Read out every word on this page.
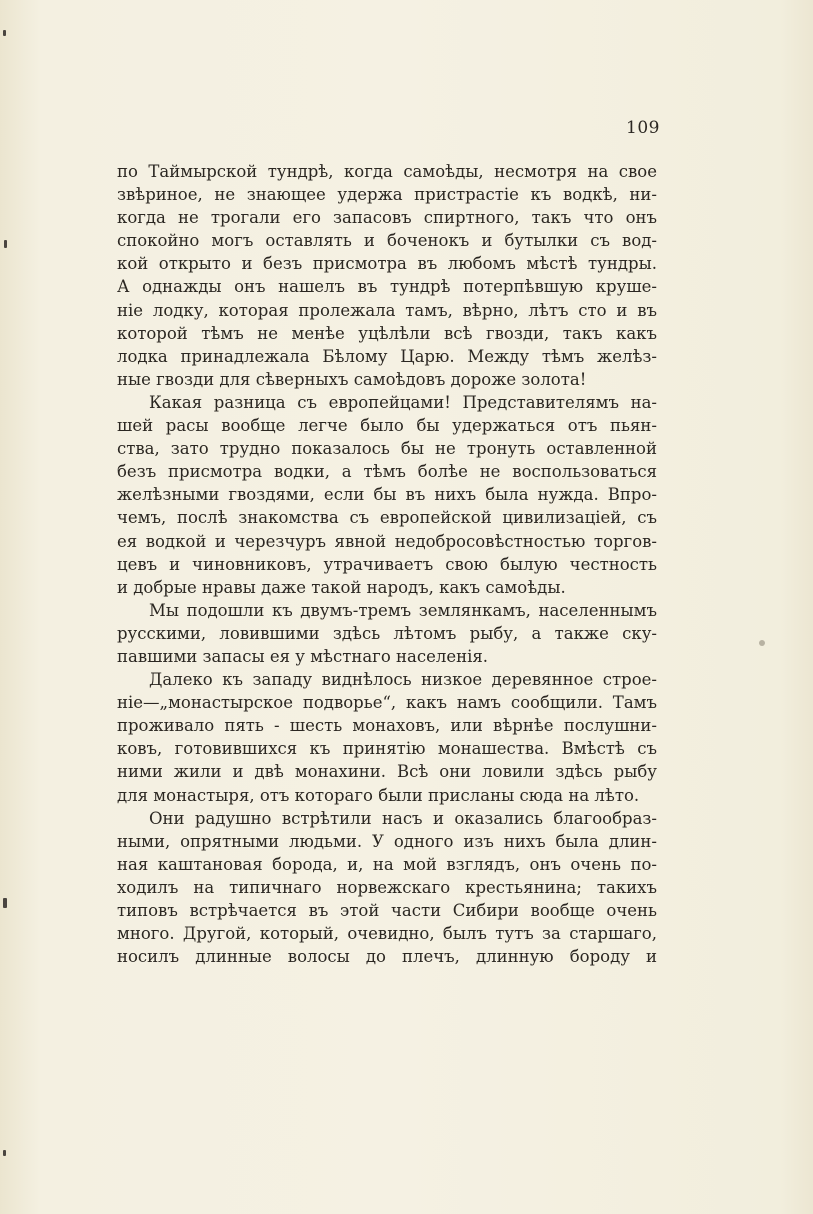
109
по Таймырской тундрѣ, когда самоѣды, несмотря на свое
звѣриное, не знающее удержа пристрастіе къ водкѣ, ни-
когда не трогали его запасовъ спиртного, такъ что онъ
спокойно могъ оставлять и боченокъ и бутылки съ вод-
кой открыто и безъ присмотра въ любомъ мѣстѣ тундры.
А однажды онъ нашелъ въ тундрѣ потерпѣвшую круше-
ніе лодку, которая пролежала тамъ, вѣрно, лѣтъ сто и въ
которой тѣмъ не менѣе уцѣлѣли всѣ гвозди, такъ какъ
лодка принадлежала Бѣлому Царю. Между тѣмъ желѣз-
ные гвозди для сѣверныхъ самоѣдовъ дороже золота!
Какая разница съ европейцами! Представителямъ на-
шей расы вообще легче было бы удержаться отъ пьян-
ства, зато трудно показалось бы не тронуть оставленной
безъ присмотра водки, а тѣмъ болѣе не воспользоваться
желѣзными гвоздями, если бы въ нихъ была нужда. Впро-
чемъ, послѣ знакомства съ европейской цивилизаціей, съ
ея водкой и черезчуръ явной недобросовѣстностью торгов-
цевъ и чиновниковъ, утрачиваетъ свою былую честность
и добрые нравы даже такой народъ, какъ самоѣды.
Мы подошли къ двумъ-тремъ землянкамъ, населеннымъ
русскими, ловившими здѣсь лѣтомъ рыбу, а также ску-
павшими запасы ея у мѣстнаго населенія.
Далеко къ западу виднѣлось низкое деревянное строе-
ніе—„монастырское подворье“, какъ намъ сообщили. Тамъ
проживало пять - шесть монаховъ, или вѣрнѣе послушни-
ковъ, готовившихся къ принятію монашества. Вмѣстѣ съ
ними жили и двѣ монахини. Всѣ они ловили здѣсь рыбу
для монастыря, отъ котораго были присланы сюда на лѣто.
Они радушно встрѣтили насъ и оказались благообраз-
ными, опрятными людьми. У одного изъ нихъ была длин-
ная каштановая борода, и, на мой взглядъ, онъ очень по-
ходилъ на типичнаго норвежскаго крестьянина; такихъ
типовъ встрѣчается въ этой части Сибири вообще очень
много. Другой, который, очевидно, былъ тутъ за старшаго,
носилъ длинные волосы до плечъ, длинную бороду и
